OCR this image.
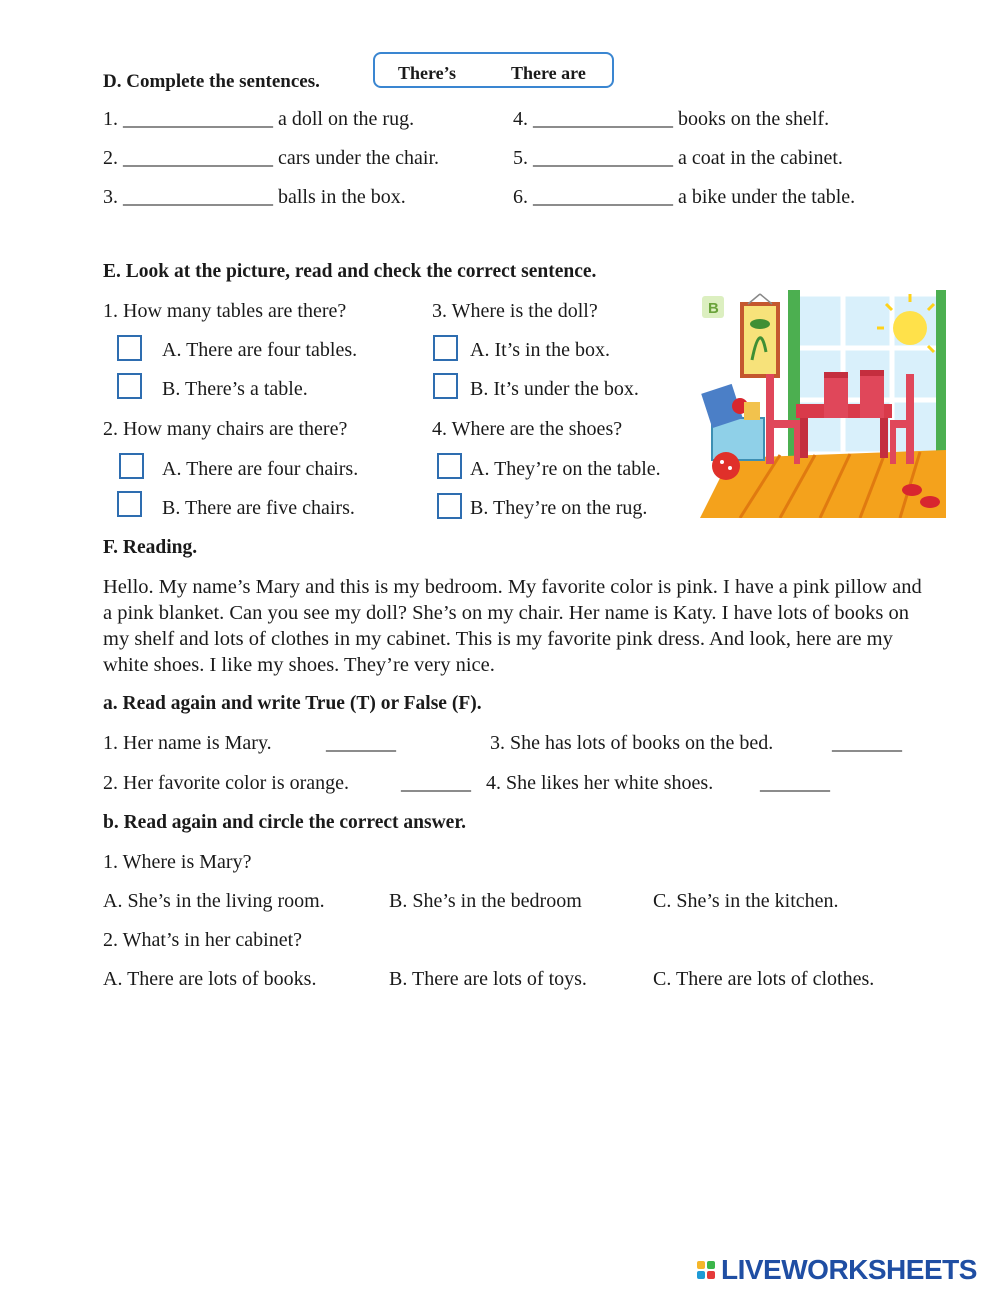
D. Complete the sentences.	There’s	There are
1. _______________ a doll on the rug.
2. _______________ cars under the chair.
3. _______________ balls in the box.
4. ______________ books on the shelf.
5. ______________ a coat in the cabinet.
6. ______________ a bike under the table.
E. Look at the picture, read and check the correct sentence.
1. How many tables are there?
A. There are four tables.
B. There’s a table.
2. How many chairs are there?
A. There are four chairs.
B. There are five chairs.
3. Where is the doll?
A. It’s in the box.
B. It’s under the box.
4. Where are the shoes?
A. They’re on the table.
B. They’re on the rug.
B
F. Reading.
Hello. My name’s Mary and this is my bedroom. My favorite color is pink. I have a pink pillow and a pink blanket. Can you see my doll? She’s on my chair. Her name is Katy. I have lots of books on my shelf and lots of clothes in my cabinet. This is my favorite pink dress. And look, here are my white shoes. I like my shoes. They’re very nice.
a. Read again and write True (T) or False (F).
1. Her name is Mary.	_______	3. She has lots of books on the bed.	_______
2. Her favorite color is orange.	_______ 4. She likes her white shoes. _______
b. Read again and circle the correct answer.
1. Where is Mary?
A. She’s in the living room.	B. She’s in the bedroom	C. She’s in the kitchen.
2. What’s in her cabinet?
A. There are lots of books.	B. There are lots of toys.	C. There are lots of clothes.
LIVEWORKSHEETS
